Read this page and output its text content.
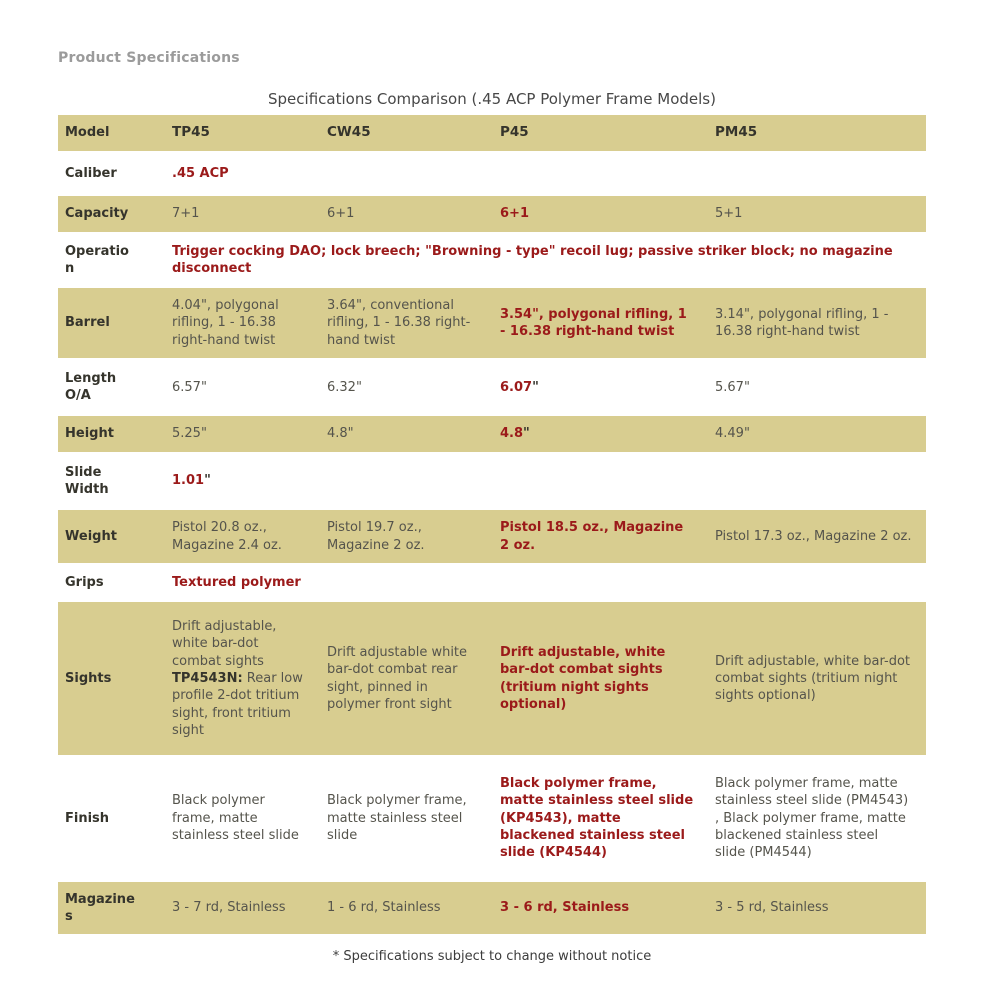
Product Specifications
Specifications Comparison (.45 ACP Polymer Frame Models)
Model	TP45	CW45	P45	PM45
Caliber	.45 ACP			
Capacity	7+1	6+1	6+1	5+1
Operation	Trigger cocking DAO; lock breech; "Browning - type" recoil lug; passive striker block; no magazine disconnect			
Barrel	4.04", polygonal rifling, 1 - 16.38 right-hand twist	3.64", conventional rifling, 1 - 16.38 right-hand twist	3.54", polygonal rifling, 1 - 16.38 right-hand twist	3.14", polygonal rifling, 1 - 16.38 right-hand twist
Length O/A	6.57"	6.32"	6.07"	5.67"
Height	5.25"	4.8"	4.8"	4.49"
Slide Width	1.01"			
Weight	Pistol 20.8 oz., Magazine 2.4 oz.	Pistol 19.7 oz., Magazine 2 oz.	Pistol 18.5 oz., Magazine 2 oz.	Pistol 17.3 oz., Magazine 2 oz.
Grips	Textured polymer			
Sights	Drift adjustable, white bar-dot combat sights TP4543N: Rear low profile 2-dot tritium sight, front tritium sight	Drift adjustable white bar-dot combat rear sight, pinned in polymer front sight	Drift adjustable, white bar-dot combat sights (tritium night sights optional)	Drift adjustable, white bar-dot combat sights (tritium night sights optional)
Finish	Black polymer frame, matte stainless steel slide	Black polymer frame, matte stainless steel slide	Black polymer frame, matte stainless steel slide (KP4543), matte blackened stainless steel slide (KP4544)	Black polymer frame, matte stainless steel slide (PM4543) , Black polymer frame, matte blackened stainless steel slide (PM4544)
Magazines	3 - 7 rd, Stainless	1 - 6 rd, Stainless	3 - 6 rd, Stainless	3 - 5 rd, Stainless
* Specifications subject to change without notice
